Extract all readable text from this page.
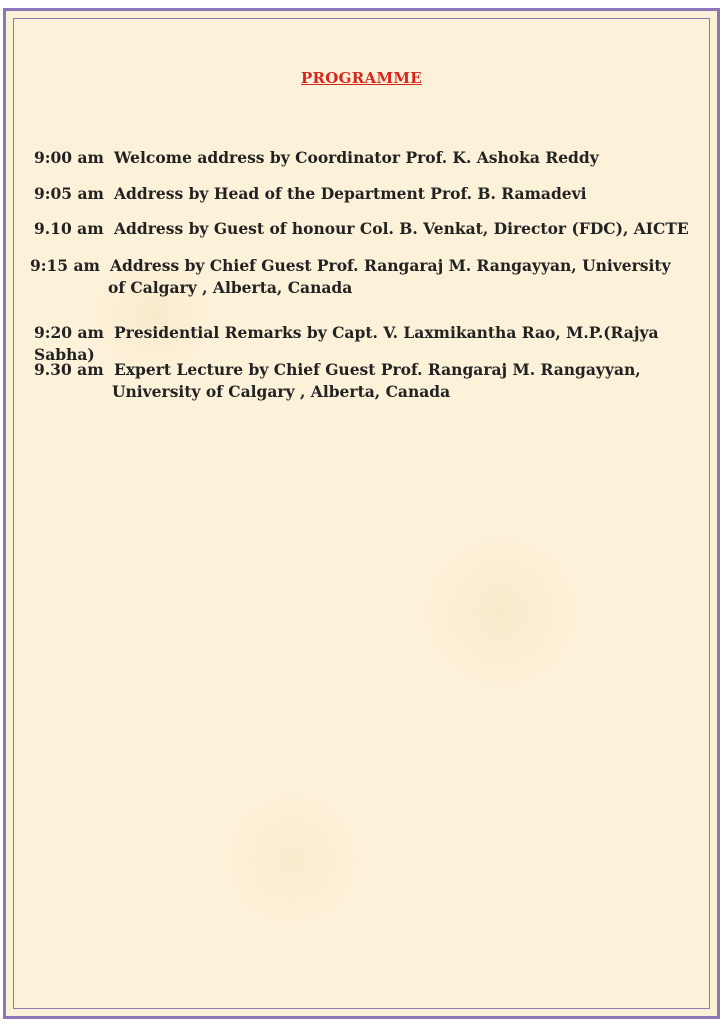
PROGRAMME
9:00 am Welcome address by Coordinator Prof. K. Ashoka Reddy
9:05 am Address by Head of the Department Prof. B. Ramadevi
9.10 am Address by Guest of honour Col. B. Venkat, Director (FDC), AICTE
9:15 am Address by Chief Guest Prof. Rangaraj M. Rangayyan, University
of Calgary , Alberta, Canada
9:20 am Presidential Remarks by Capt. V. Laxmikantha Rao, M.P.(Rajya Sabha)
9.30 am Expert Lecture by Chief Guest Prof. Rangaraj M. Rangayyan,
University of Calgary , Alberta, Canada
